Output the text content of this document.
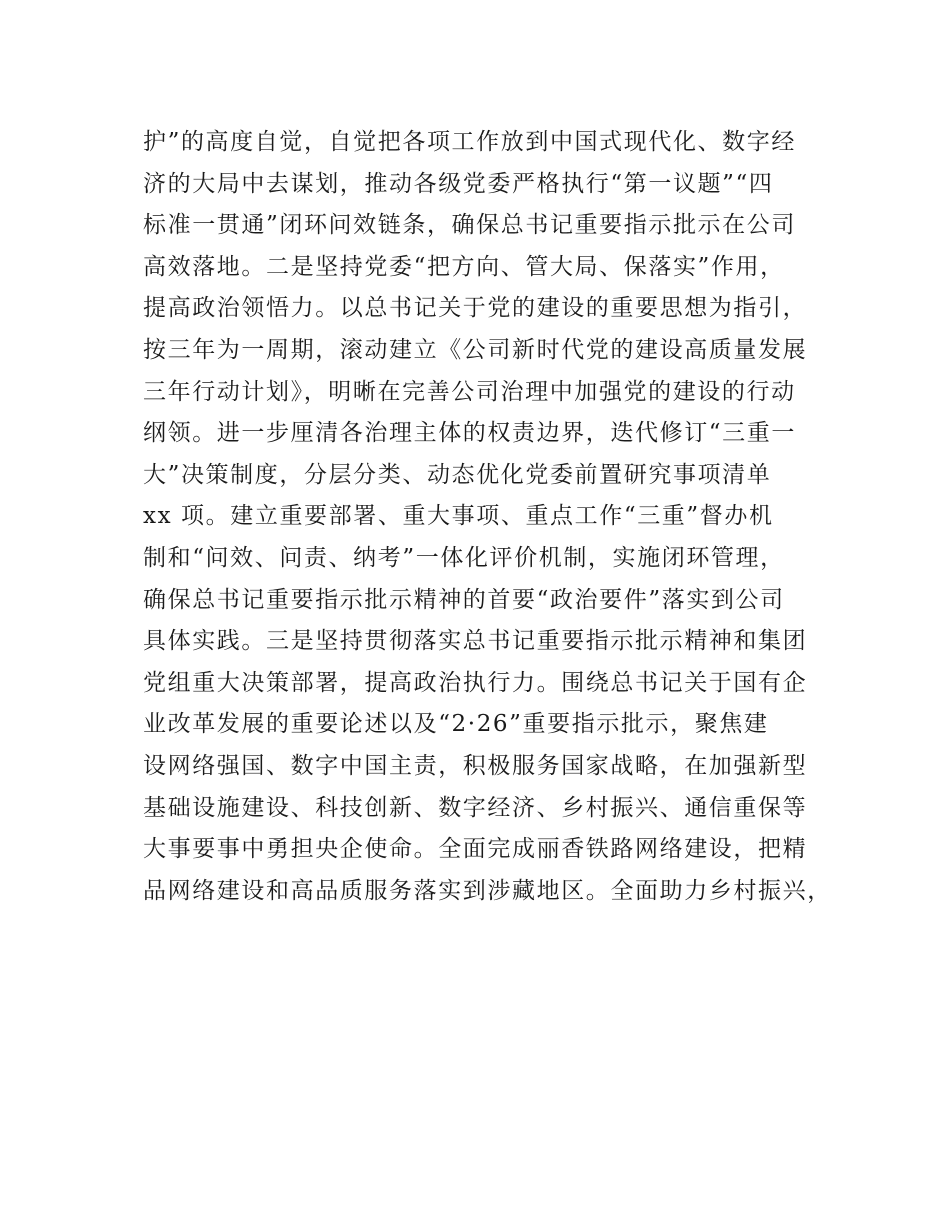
护”的高度自觉，自觉把各项工作放到中国式现代化、数字经
济的大局中去谋划，推动各级党委严格执行“第一议题”“四
标准一贯通”闭环问效链条，确保总书记重要指示批示在公司
高效落地。二是坚持党委“把方向、管大局、保落实”作用，
提高政治领悟力。以总书记关于党的建设的重要思想为指引，
按三年为一周期，滚动建立《公司新时代党的建设高质量发展
三年行动计划》，明晰在完善公司治理中加强党的建设的行动
纲领。进一步厘清各治理主体的权责边界，迭代修订“三重一
大”决策制度，分层分类、动态优化党委前置研究事项清单
xx 项。建立重要部署、重大事项、重点工作“三重”督办机
制和“问效、问责、纳考”一体化评价机制，实施闭环管理，
确保总书记重要指示批示精神的首要“政治要件”落实到公司
具体实践。三是坚持贯彻落实总书记重要指示批示精神和集团
党组重大决策部署，提高政治执行力。围绕总书记关于国有企
业改革发展的重要论述以及“2·26”重要指示批示，聚焦建
设网络强国、数字中国主责，积极服务国家战略，在加强新型
基础设施建设、科技创新、数字经济、乡村振兴、通信重保等
大事要事中勇担央企使命。全面完成丽香铁路网络建设，把精
品网络建设和高品质服务落实到涉藏地区。全面助力乡村振兴，
